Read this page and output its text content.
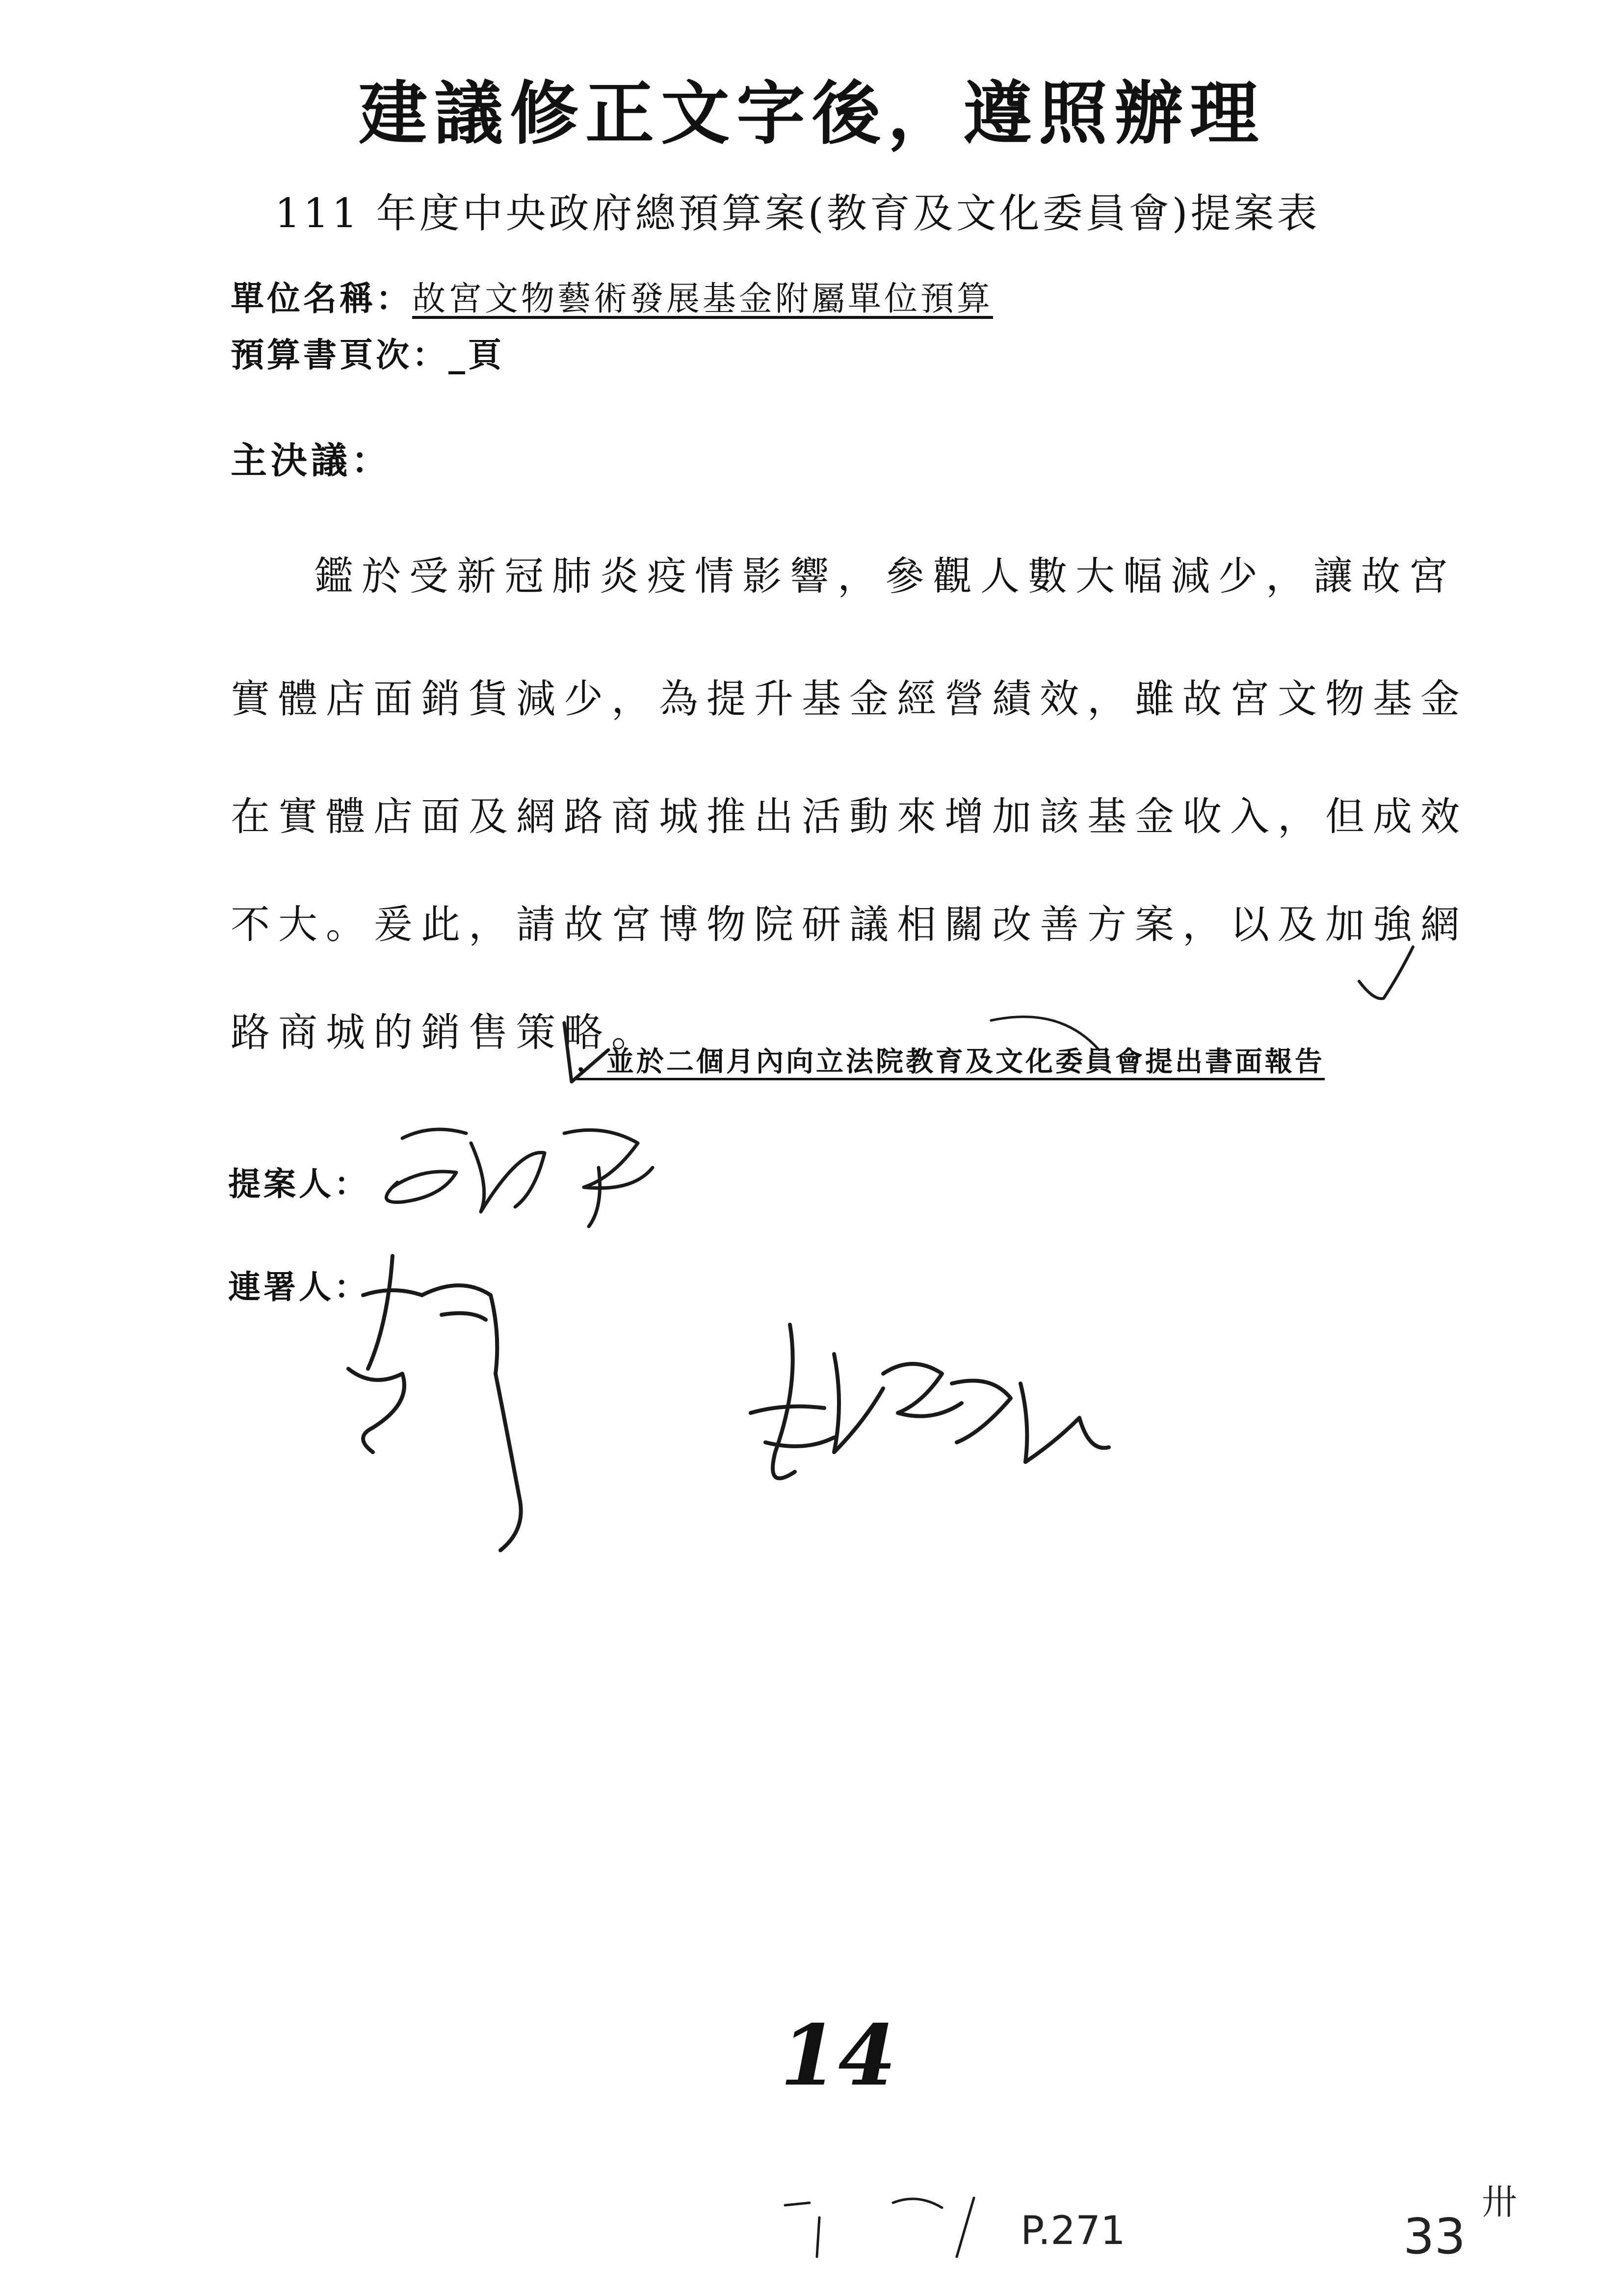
建議修正文字後，遵照辦理
111 年度中央政府總預算案(教育及文化委員會)提案表
單位名稱：故宮文物藝術發展基金附屬單位預算
預算書頁次：_頁
主決議：
鑑於受新冠肺炎疫情影響，參觀人數大幅減少，讓故宮
實體店面銷貨減少，為提升基金經營績效，雖故宮文物基金
在實體店面及網路商城推出活動來增加該基金收入，但成效
不大。爰此，請故宮博物院研議相關改善方案，以及加強網
路商城的銷售策略。
，並於二個月內向立法院教育及文化委員會提出書面報告
提案人：
連署人：
14
P.271	33
卅
